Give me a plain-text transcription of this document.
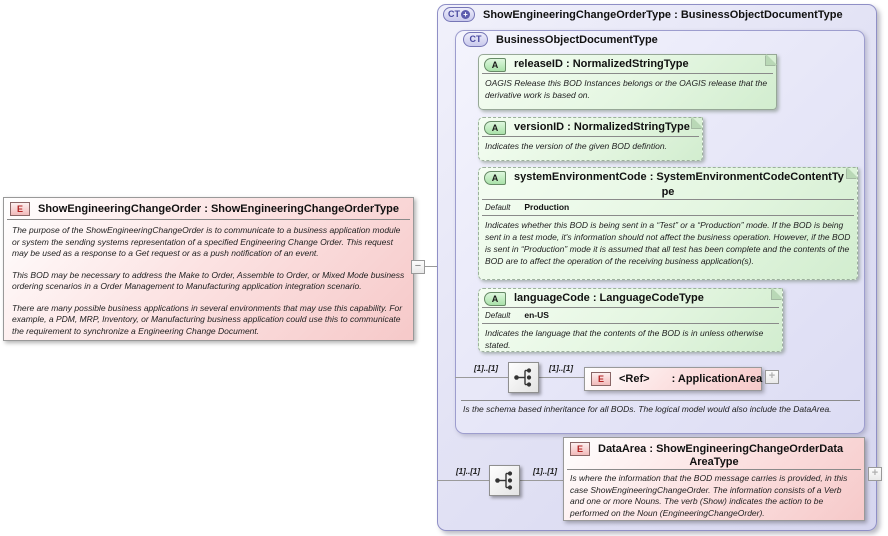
E	ShowEngineeringChangeOrder : ShowEngineeringChangeOrderType

The purpose of the ShowEngineeringChangeOrder is to communicate to a business application module or system the sending systems representation of a specified Engineering Change Order. This request may be used as a response to a Get request or as a push notification of an event.

This BOD may be necessary to address the Make to Order, Assemble to Order, or Mixed Mode business ordering scenarios in a Order Management to Manufacturing application integration scenario.

There are many possible business applications in several environments that may use this capability. For example, a PDM, MRP, Inventory, or Manufacturing business application could use this to communicate the requirement to synchronize a Engineering Change Document.

−
CT + ShowEngineeringChangeOrderType : BusinessObjectDocumentType
CT	BusinessObjectDocumentType
A	releaseID : NormalizedStringType
OAGIS Release this BOD Instances belongs or the OAGIS release that the derivative work is based on.
A	versionID : NormalizedStringType
Indicates the version of the given BOD defintion.
A	systemEnvironmentCode : SystemEnvironmentCodeContentTy
pe
Default Production
Indicates whether this BOD is being sent in a “Test” or a “Production” mode. If the BOD is being sent in a test mode, it's information should not affect the business operation. However, if the BOD is sent in “Production” mode it is assumed that all test has been complete and the contents of the BOD are to affect the operation of the receiving business application(s).
A	languageCode : LanguageCodeType
Default en-US
Indicates the language that the contents of the BOD is in unless otherwise stated.
[1]..[1]	[1]..[1]
E	<Ref> : ApplicationArea +
Is the schema based inheritance for all BODs. The logical model would also include the DataArea.
[1]..[1]	[1]..[1]
E	DataArea : ShowEngineeringChangeOrderData
AreaType
Is where the information that the BOD message carries is provided, in this case ShowEngineeringChangeOrder. The information consists of a Verb and one or more Nouns. The verb (Show) indicates the action to be performed on the Noun (EngineeringChangeOrder).
+
